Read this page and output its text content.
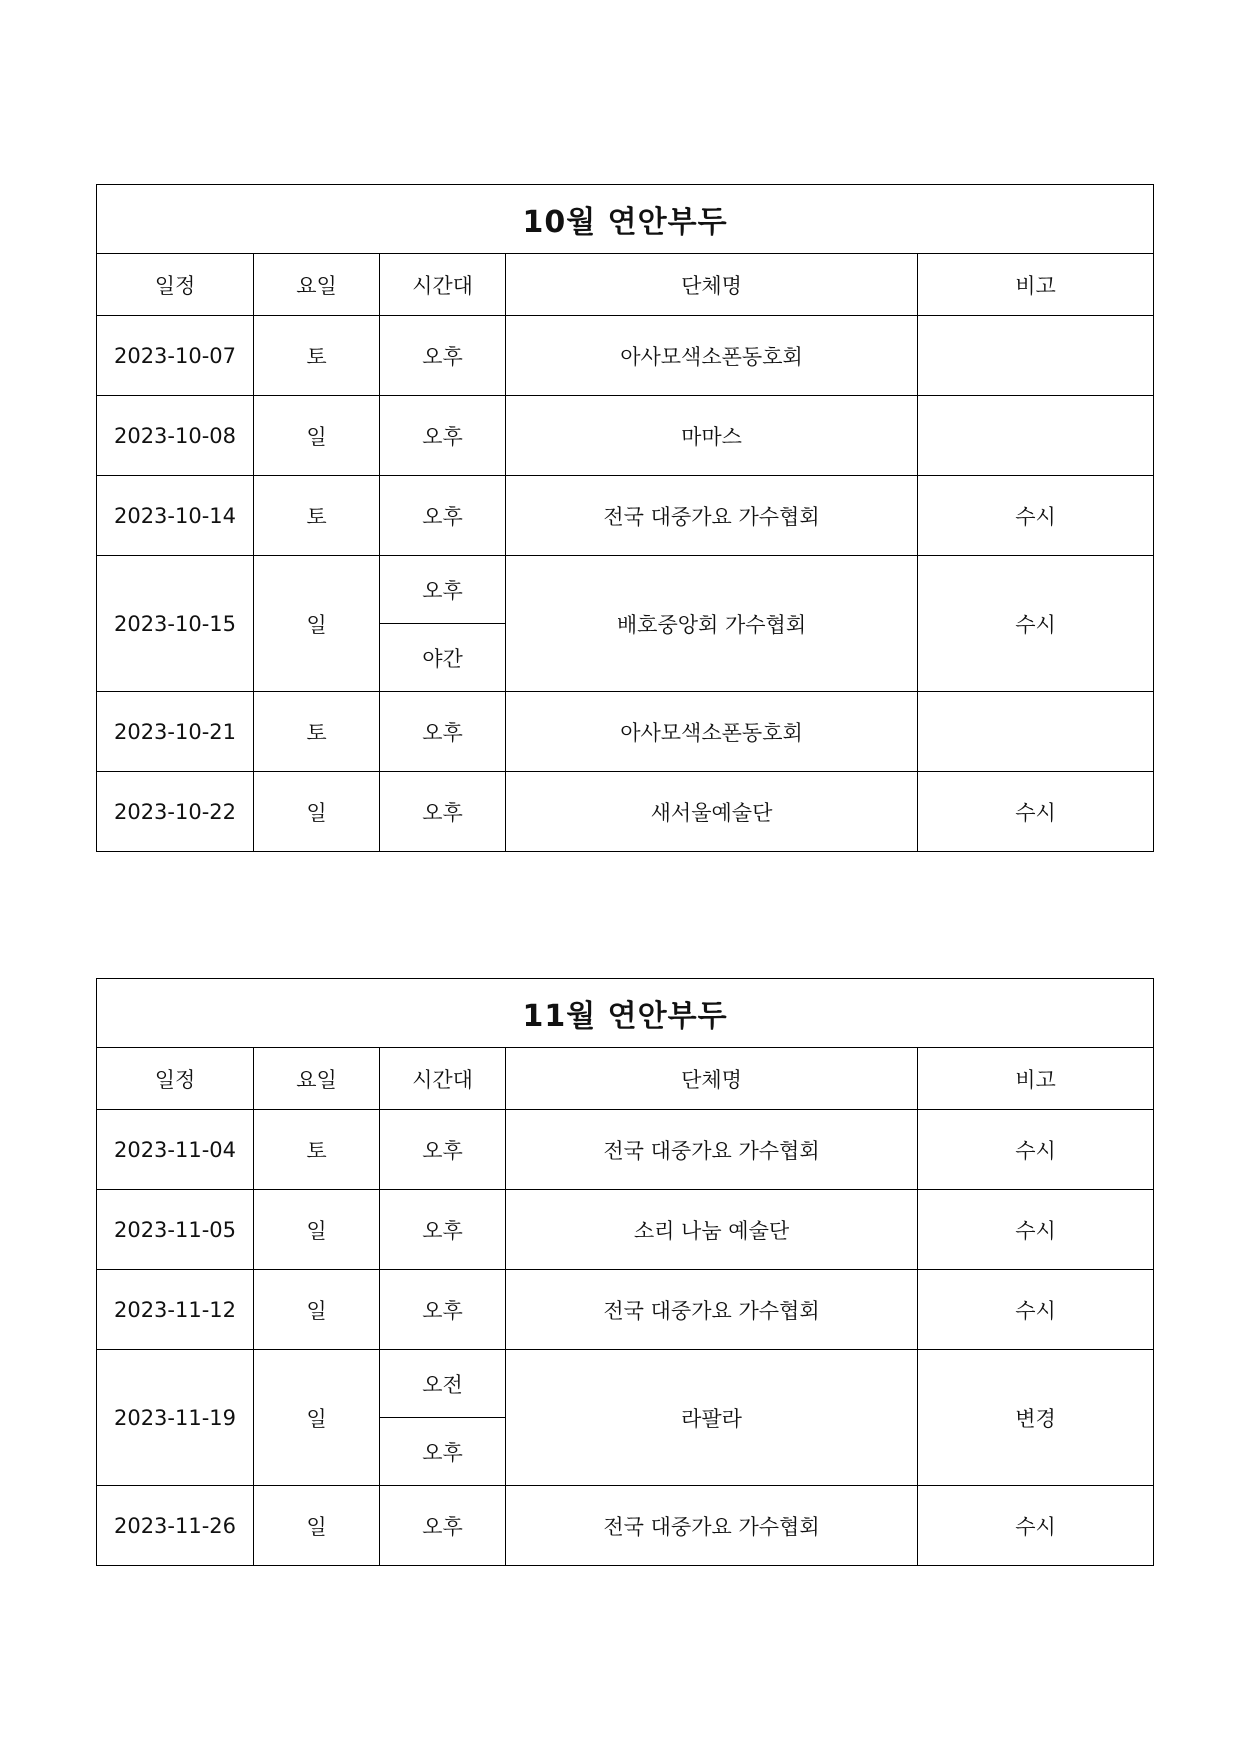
10월 연안부두				
일정	요일	시간대	단체명	비고
2023-10-07	토	오후	아사모색소폰동호회	
2023-10-08	일	오후	마마스	
2023-10-14	토	오후	전국 대중가요 가수협회	수시
2023-10-15	일	오후	배호중앙회 가수협회	수시
		야간		
2023-10-21	토	오후	아사모색소폰동호회	
2023-10-22	일	오후	새서울예술단	수시
11월 연안부두				
일정	요일	시간대	단체명	비고
2023-11-04	토	오후	전국 대중가요 가수협회	수시
2023-11-05	일	오후	소리 나눔 예술단	수시
2023-11-12	일	오후	전국 대중가요 가수협회	수시
2023-11-19	일	오전	라팔라	변경
		오후		
2023-11-26	일	오후	전국 대중가요 가수협회	수시
